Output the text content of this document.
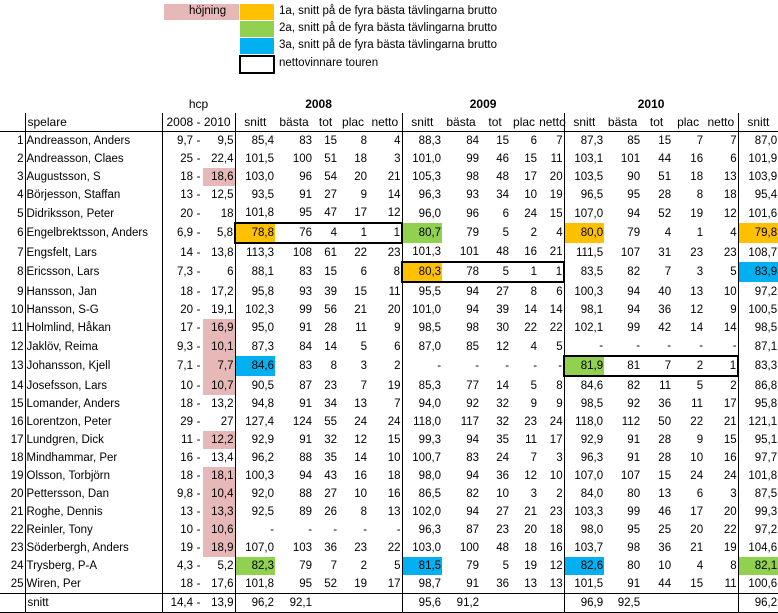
höjning	1a, snitt på de fyra bästa tävlingarna brutto
2a, snitt på de fyra bästa tävlingarna brutto
3a, snitt på de fyra bästa tävlingarna brutto
nettovinnare touren
		hcp			2008					2009					2010					
	spelare	2008 - 2010			snitt	bästa	tot	plac	netto	snitt	bästa	tot	plac	netto	snitt	bästa	tot	plac	netto	snitt
1	Andreasson, Anders	9,7	-	9,5	85,4	83	15	8	4	88,3	84	15	6	7	87,3	85	15	7	7	87,0
2	Andreasson, Claes	25	-	22,4	101,5	100	51	18	3	101,0	99	46	15	11	103,1	101	44	16	6	101,9
3	Augustsson, S	18	-	18,6	103,0	96	54	20	21	105,3	98	48	17	20	103,5	90	51	18	13	103,9
4	Börjesson, Staffan	13	-	12,5	93,5	91	27	9	14	96,3	93	34	10	19	96,5	95	28	8	18	95,4
5	Didriksson, Peter	20	-	18	101,8	95	47	17	12	96,0	96	6	24	15	107,0	94	52	19	12	101,6
6	Engelbrektsson, Anders	6,9	-	5,8	78,8	76	4	1	1	80,7	79	5	2	4	80,0	79	4	1	4	79,8
7	Engsfelt, Lars	14	-	13,8	113,3	108	61	22	23	101,3	101	48	16	21	111,5	107	31	23	23	108,7
8	Ericsson, Lars	7,3	-	6	88,1	83	15	6	8	80,3	78	5	1	1	83,5	82	7	3	5	83,9
9	Hansson, Jan	18	-	17,2	95,8	93	39	15	11	95,5	94	27	8	6	100,3	94	40	13	10	97,2
10	Hansson, S-G	20	-	19,1	102,3	99	56	21	20	101,0	94	39	14	14	98,1	94	36	12	9	100,5
11	Holmlind, Håkan	17	-	16,9	95,0	91	28	11	9	98,5	98	30	22	22	102,1	99	42	14	14	98,5
12	Jaklöv, Reima	9,3	-	10,1	87,3	84	14	5	6	87,0	85	12	4	5	-	-	-	-	-	87,1
13	Johansson, Kjell	7,1	-	7,7	84,6	83	8	3	2	-	-	-	-	-	81,9	81	7	2	1	83,3
14	Josefsson, Lars	10	-	10,7	90,5	87	23	7	19	85,3	77	14	5	8	84,6	82	11	5	2	86,8
15	Lomander, Anders	18	-	13,2	94,8	91	34	13	7	94,0	92	32	9	9	98,5	92	36	11	17	95,8
16	Lorentzon, Peter	29	-	27	127,4	124	55	24	24	118,0	117	32	23	24	118,0	112	50	22	21	121,1
17	Lundgren, Dick	11	-	12,2	92,9	91	32	12	15	99,3	94	35	11	17	92,9	91	28	9	15	95,1
18	Mindhammar, Per	16	-	13,4	96,2	88	35	14	10	100,7	83	24	7	3	96,3	91	28	10	16	97,7
19	Olsson, Torbjörn	18	-	18,1	100,3	94	43	16	18	98,0	94	36	12	10	107,0	107	15	24	24	101,8
20	Pettersson, Dan	9,8	-	10,4	92,0	88	27	10	16	86,5	82	10	3	2	84,0	80	13	6	3	87,5
21	Roghe, Dennis	13	-	13,3	92,5	89	26	8	13	102,0	94	27	21	23	103,3	99	46	17	20	99,3
22	Reinler, Tony	10	-	10,6	-	-	-	-	-	96,3	87	23	20	18	98,0	95	25	20	22	97,2
23	Söderbergh, Anders	19	-	18,9	107,0	103	36	23	22	103,0	100	48	18	16	103,7	98	36	21	19	104,6
24	Trysberg, P-A	4,3	-	5,2	82,3	79	7	2	5	81,5	79	5	19	12	82,6	80	10	4	8	82,1
25	Wiren, Per	18	-	17,6	101,8	95	52	19	17	98,7	91	36	13	13	101,5	91	44	15	11	100,6
	snitt	14,4	-	13,9	96,2	92,1				95,6	91,2				96,9	92,5				96,2
